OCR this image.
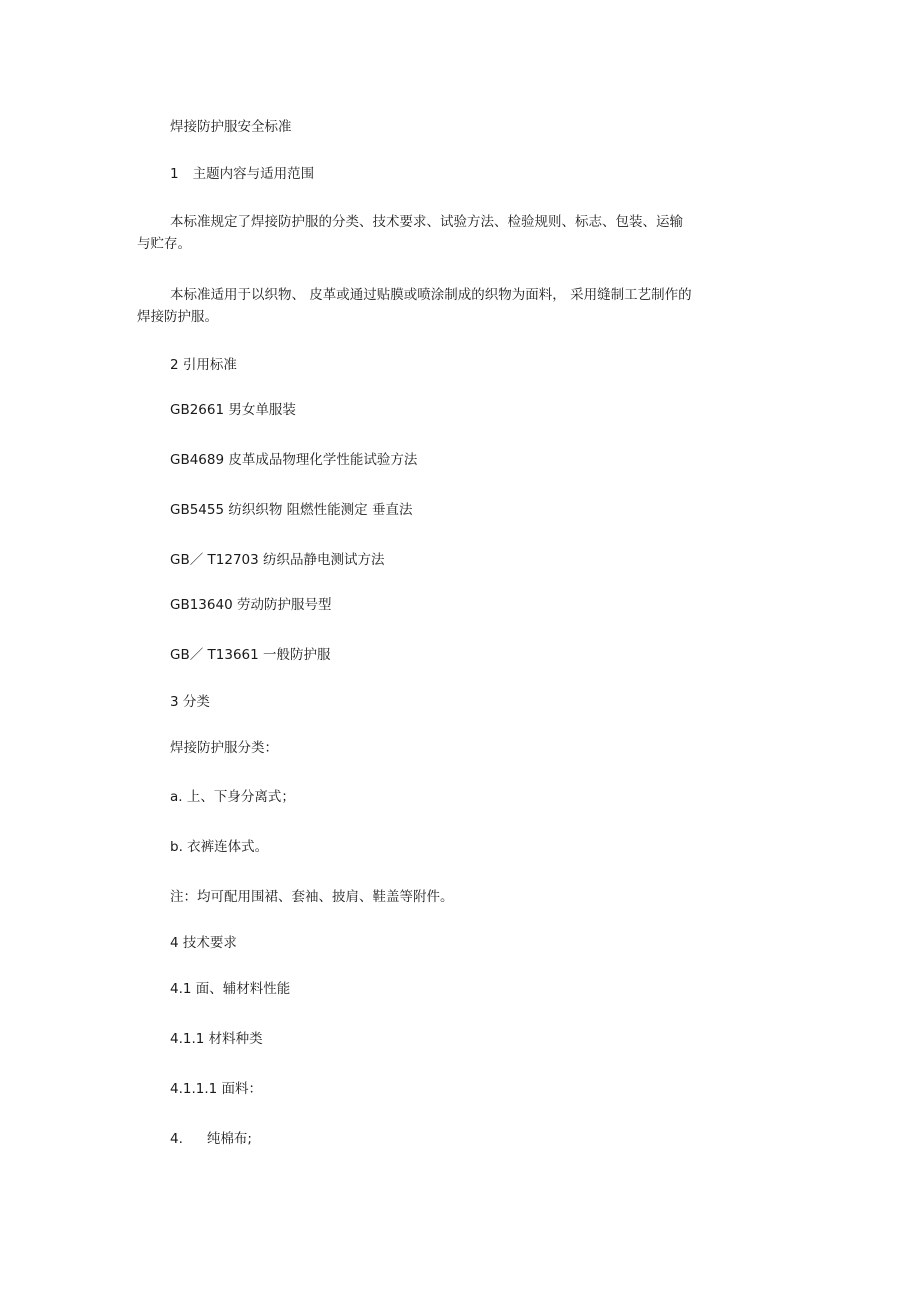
焊接防护服安全标准
1 主题内容与适用范围
本标准规定了焊接防护服的分类、技术要求、试验方法、检验规则、标志、包装、运输
与贮存。
本标准适用于以织物、 皮革或通过贴膜或喷涂制成的织物为面料， 采用缝制工艺制作的
焊接防护服。
2 引用标准
GB2661 男女单服装
GB4689 皮革成品物理化学性能试验方法
GB5455 纺织织物 阻燃性能测定 垂直法
GB／ T12703 纺织品静电测试方法
GB13640 劳动防护服号型
GB／ T13661 一般防护服
3 分类
焊接防护服分类：
a. 上、下身分离式；
b. 衣裤连体式。
注：均可配用围裙、套袖、披肩、鞋盖等附件。
4 技术要求
4.1 面、辅材料性能
4.1.1 材料种类
4.1.1.1 面料：
4. 纯棉布;
